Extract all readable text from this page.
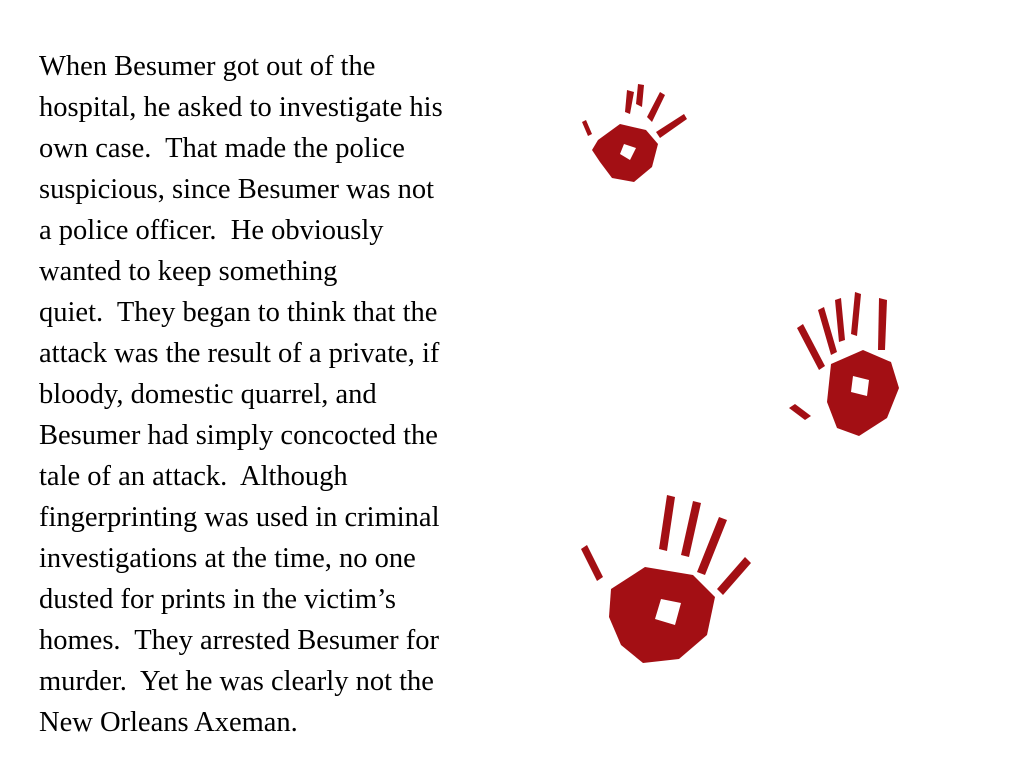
When Besumer got out of the
hospital, he asked to investigate his
own case.  That made the police
suspicious, since Besumer was not
a police officer.  He obviously
wanted to keep something
quiet.  They began to think that the
attack was the result of a private, if
bloody, domestic quarrel, and
Besumer had simply concocted the
tale of an attack.  Although
fingerprinting was used in criminal
investigations at the time, no one
dusted for prints in the victim’s
homes.  They arrested Besumer for
murder.  Yet he was clearly not the
New Orleans Axeman.
